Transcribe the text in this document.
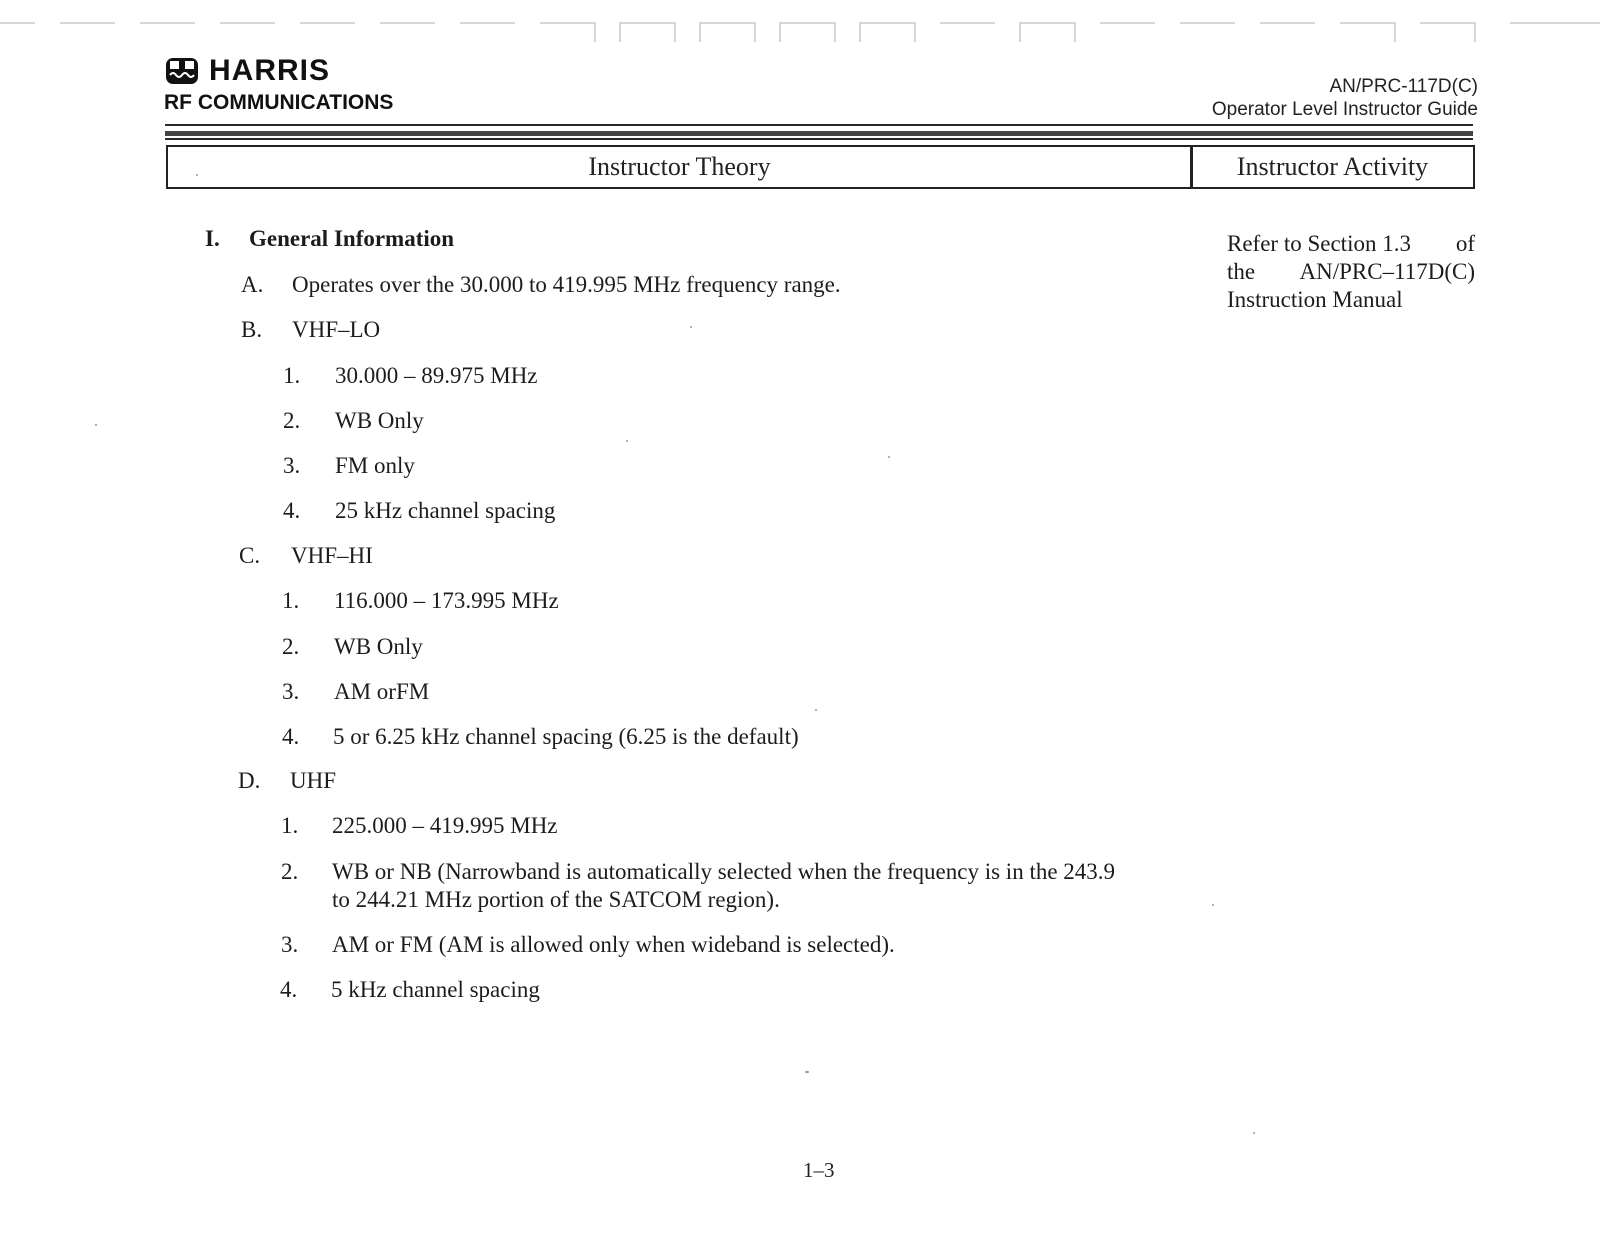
HARRIS
RF COMMUNICATIONS
AN/PRC-117D(C)
Operator Level Instructor Guide
Instructor Theory	Instructor Activity
I. General Information
A. Operates over the 30.000 to 419.995 MHz frequency range.
B. VHF–LO
1. 30.000 – 89.975 MHz
2. WB Only
3. FM only
4. 25 kHz channel spacing
C. VHF–HI
1. 116.000 – 173.995 MHz
2. WB Only
3. AM orFM
4. 5 or 6.25 kHz channel spacing (6.25 is the default)
D. UHF
1. 225.000 – 419.995 MHz
2. WB or NB (Narrowband is automatically selected when the frequency is in the 243.9
to 244.21 MHz portion of the SATCOM region).
3. AM or FM (AM is allowed only when wideband is selected).
4. 5 kHz channel spacing
Refer to Section 1.3 of
the AN/PRC–117D(C)
Instruction Manual
1–3
